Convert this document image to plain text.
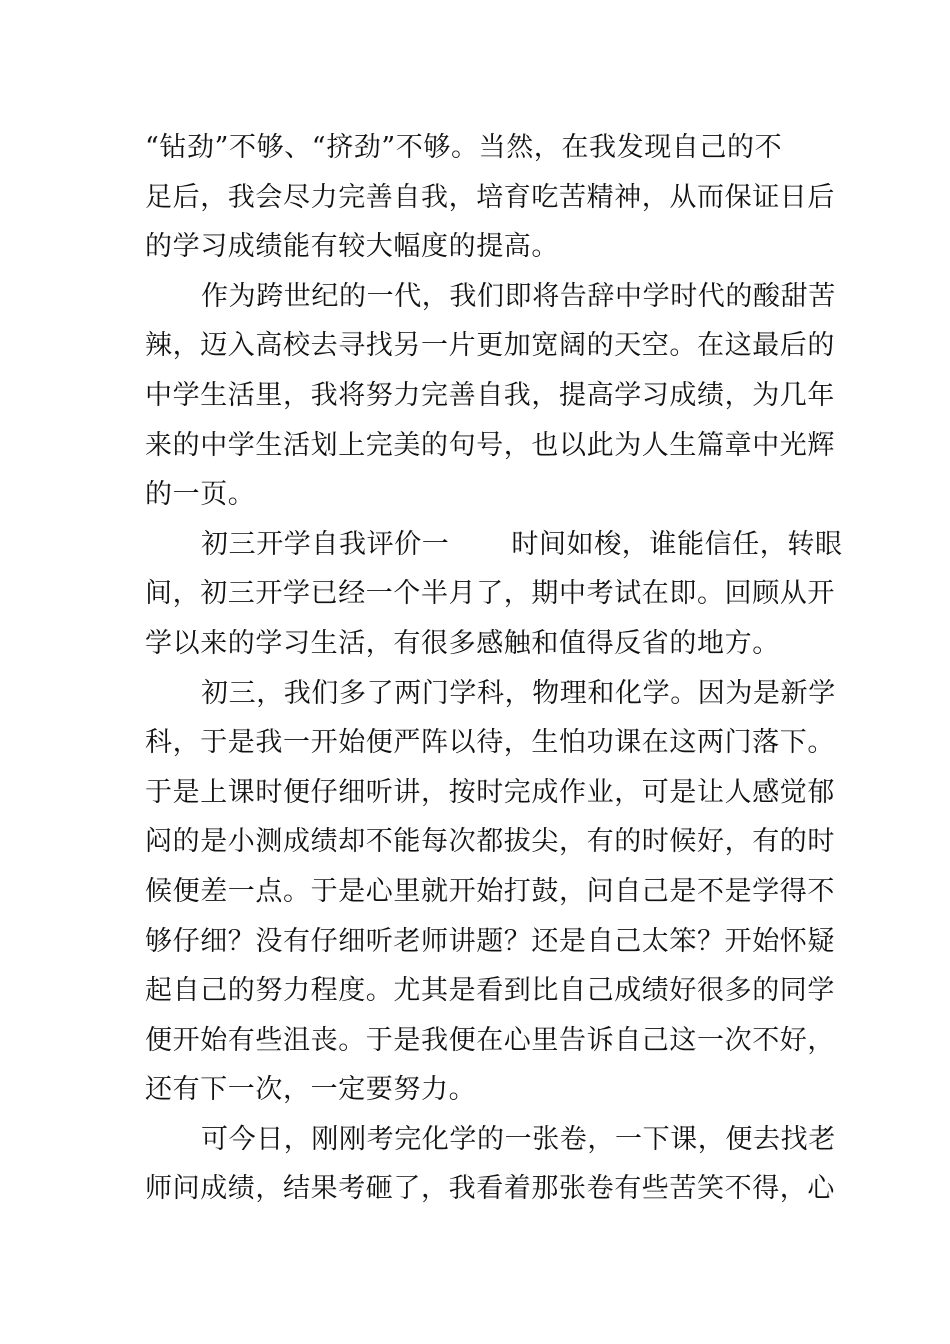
“钻劲”不够、“挤劲”不够。当然，在我发现自己的不
足后，我会尽力完善自我，培育吃苦精神，从而保证日后
的学习成绩能有较大幅度的提高。
作为跨世纪的一代，我们即将告辞中学时代的酸甜苦
辣，迈入高校去寻找另一片更加宽阔的天空。在这最后的
中学生活里，我将努力完善自我，提高学习成绩，为几年
来的中学生活划上完美的句号，也以此为人生篇章中光辉
的一页。
初三开学自我评价一 时间如梭，谁能信任，转眼
间，初三开学已经一个半月了，期中考试在即。回顾从开
学以来的学习生活，有很多感触和值得反省的地方。
初三，我们多了两门学科，物理和化学。因为是新学
科，于是我一开始便严阵以待，生怕功课在这两门落下。
于是上课时便仔细听讲，按时完成作业，可是让人感觉郁
闷的是小测成绩却不能每次都拔尖，有的时候好，有的时
候便差一点。于是心里就开始打鼓，问自己是不是学得不
够仔细？没有仔细听老师讲题？还是自己太笨？开始怀疑
起自己的努力程度。尤其是看到比自己成绩好很多的同学
便开始有些沮丧。于是我便在心里告诉自己这一次不好，
还有下一次，一定要努力。
可今日，刚刚考完化学的一张卷，一下课，便去找老
师问成绩，结果考砸了，我看着那张卷有些苦笑不得，心
